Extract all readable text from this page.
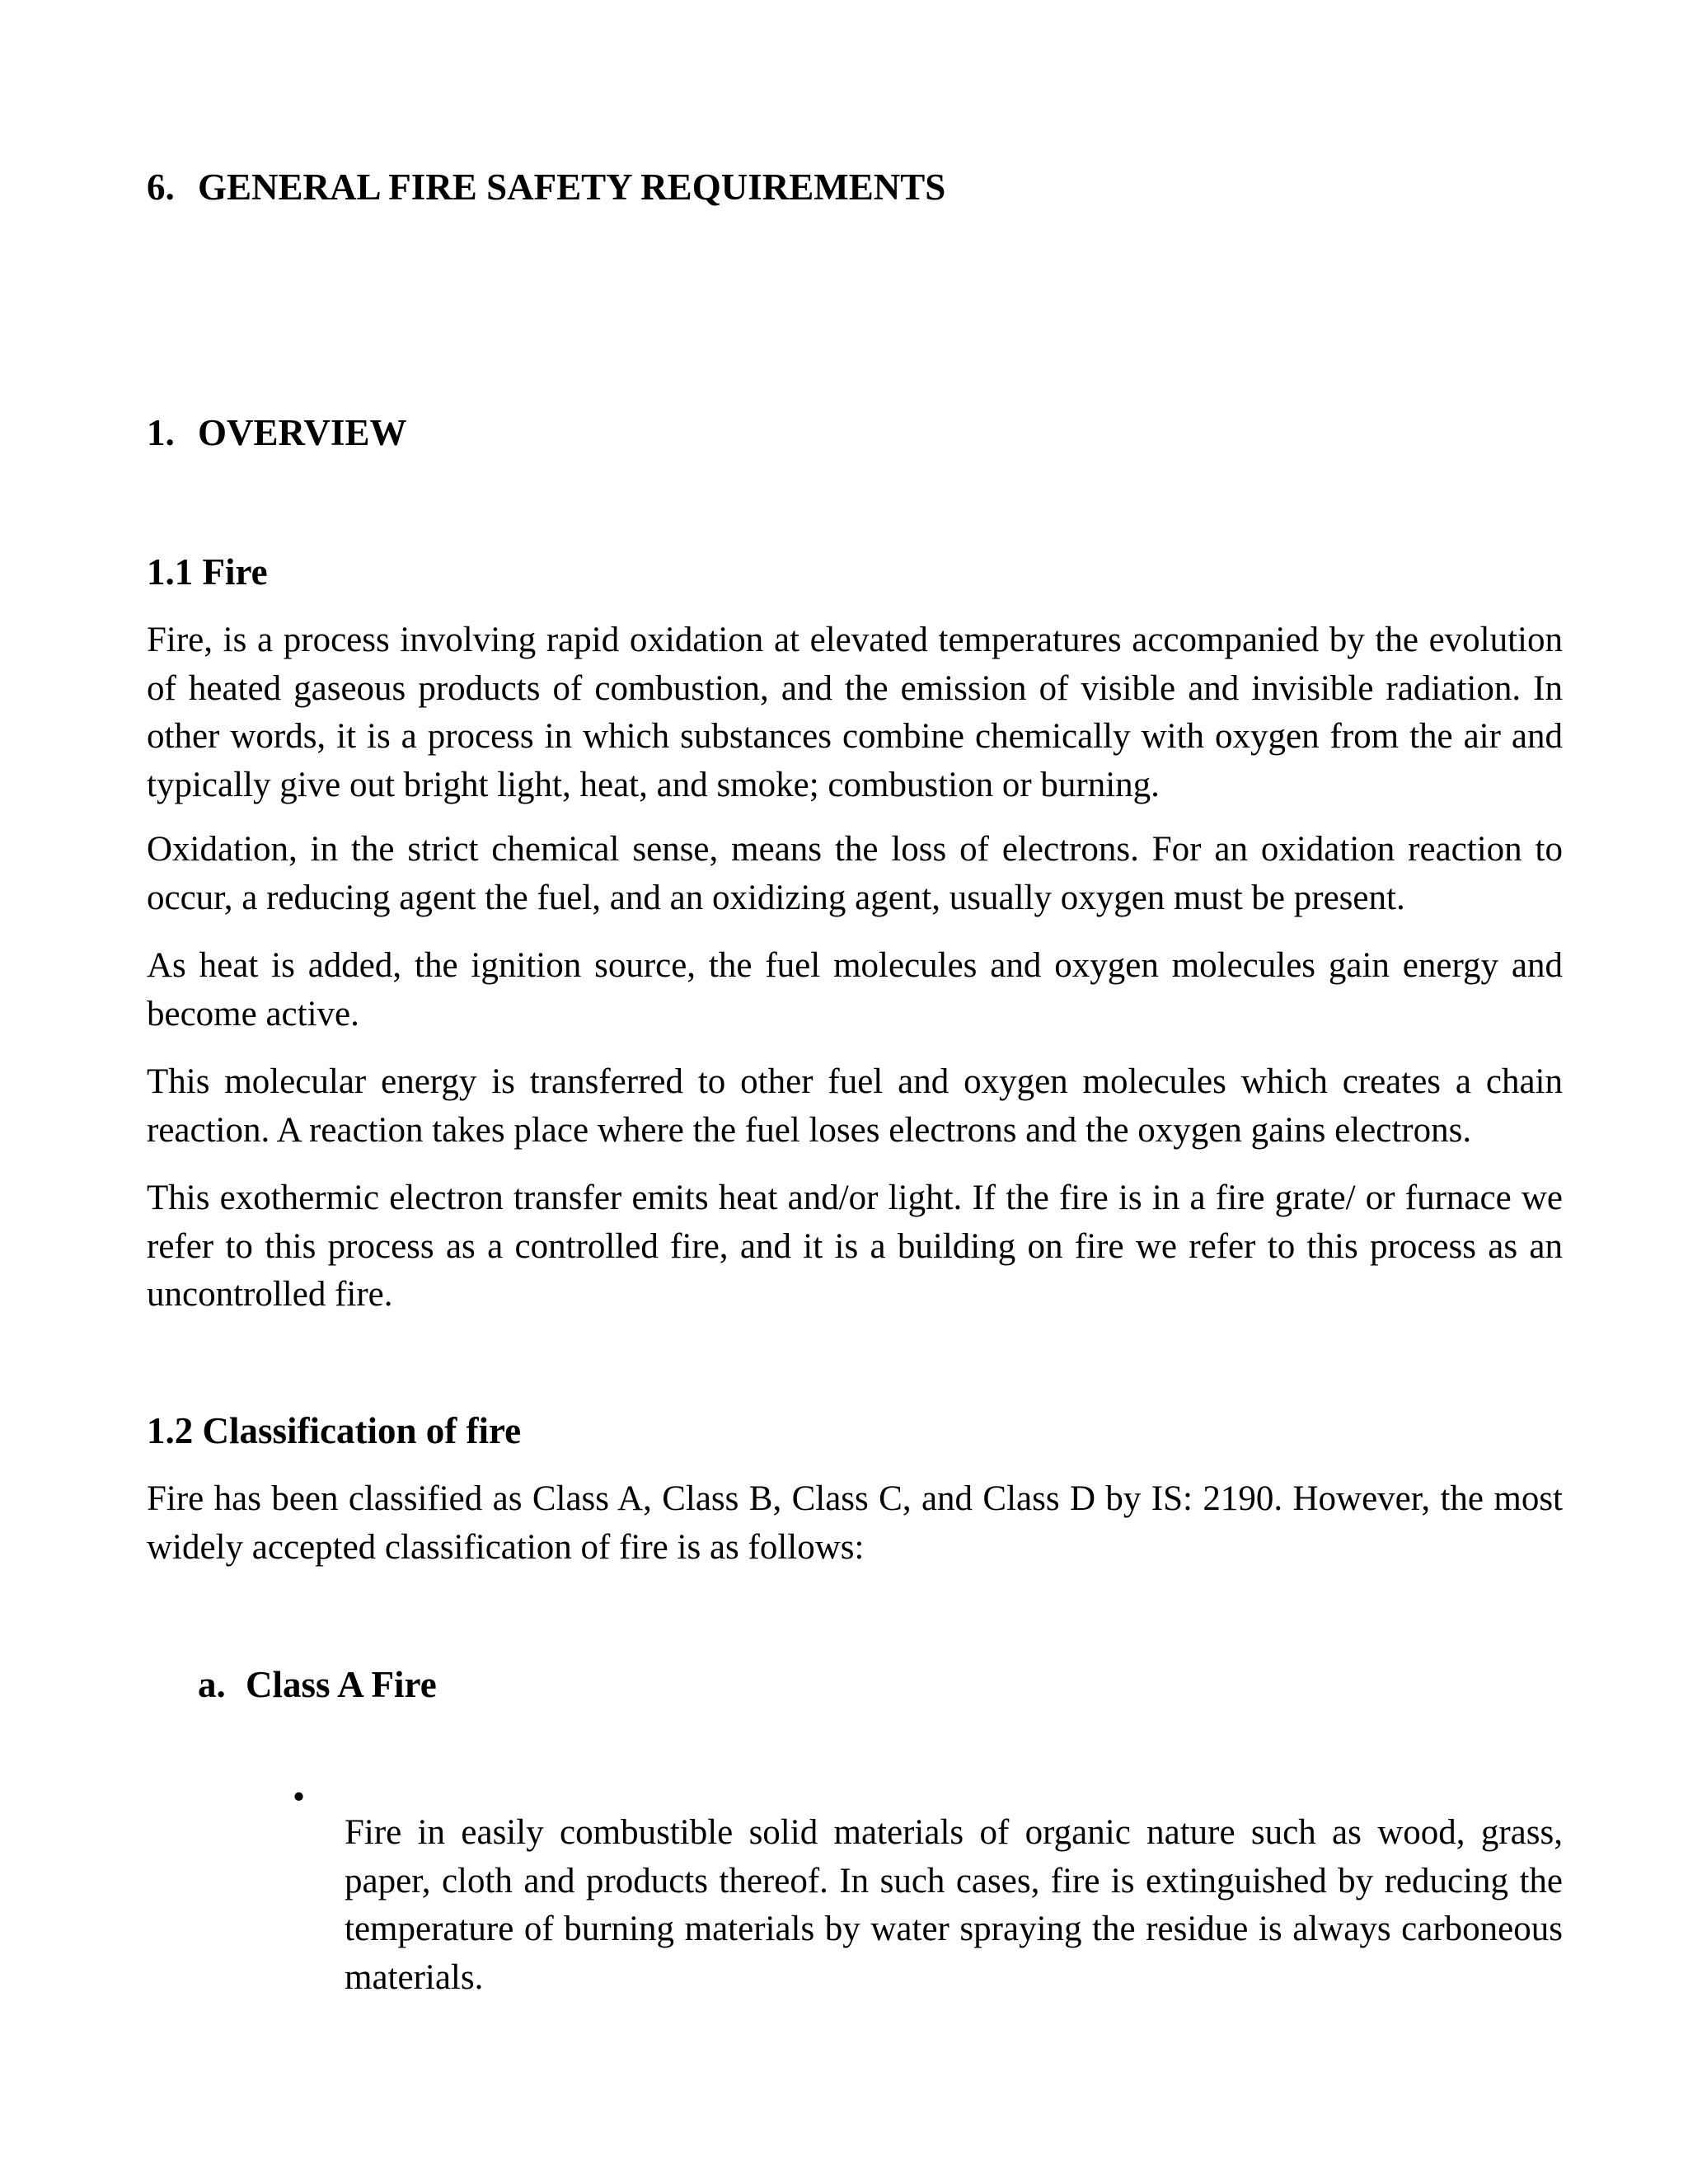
6. GENERAL FIRE SAFETY REQUIREMENTS

1. OVERVIEW

1.1 Fire

Fire, is a process involving rapid oxidation at elevated temperatures accompanied by the evolution of heated gaseous products of combustion, and the emission of visible and invisible radiation. In other words, it is a process in which substances combine chemically with oxygen from the air and typically give out bright light, heat, and smoke; combustion or burning.

Oxidation, in the strict chemical sense, means the loss of electrons. For an oxidation reaction to occur, a reducing agent the fuel, and an oxidizing agent, usually oxygen must be present.

As heat is added, the ignition source, the fuel molecules and oxygen molecules gain energy and become active.

This molecular energy is transferred to other fuel and oxygen molecules which creates a chain reaction. A reaction takes place where the fuel loses electrons and the oxygen gains electrons.

This exothermic electron transfer emits heat and/or light. If the fire is in a fire grate/ or furnace we refer to this process as a controlled fire, and it is a building on fire we refer to this process as an uncontrolled fire.

1.2 Classification of fire

Fire has been classified as Class A, Class B, Class C, and Class D by IS: 2190. However, the most widely accepted classification of fire is as follows:

a. Class A Fire

•

Fire in easily combustible solid materials of organic nature such as wood, grass, paper, cloth and products thereof. In such cases, fire is extinguished by reducing the temperature of burning materials by water spraying the residue is always carboneous materials.
